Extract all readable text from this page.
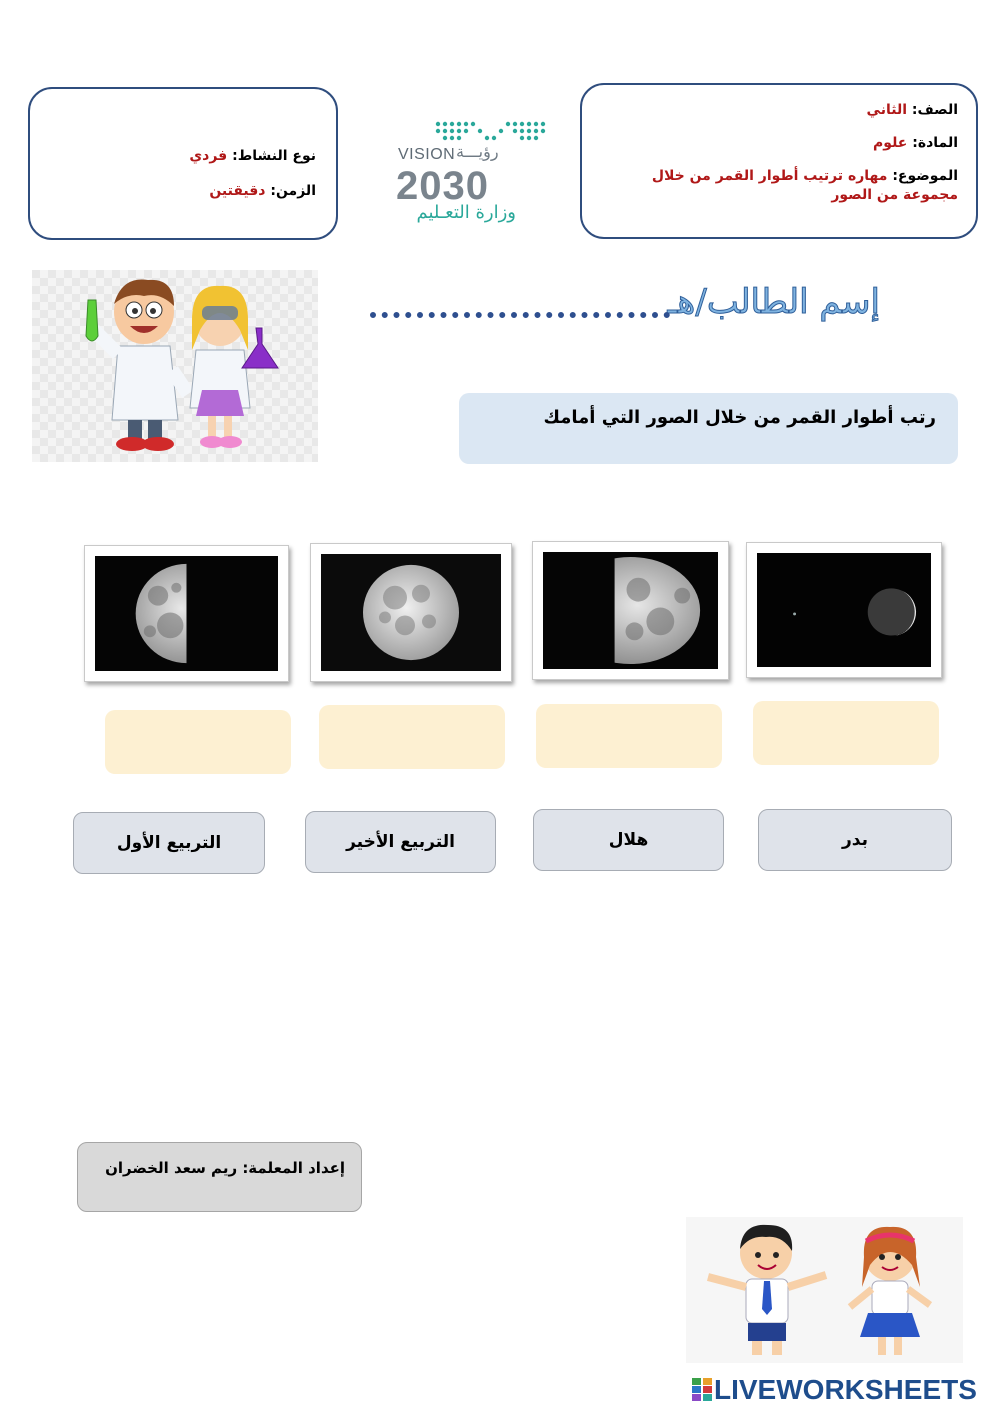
الصف: الثاني
المادة: علوم
الموضوع: مهاره ترتيب أطوار القمر من خلال مجموعة من الصور
نوع النشاط: فردي
الزمن: دقيقتين
VISION رؤيـــة
2030
وزارة التعـليم
إسم الطالب/هـ
رتب أطوار القمر من خلال الصور التي أمامك
التربيع الأول	التربيع الأخير	هلال	بدر
إعداد المعلمة: ريم سعد الخضران
LIVEWORKSHEETS
